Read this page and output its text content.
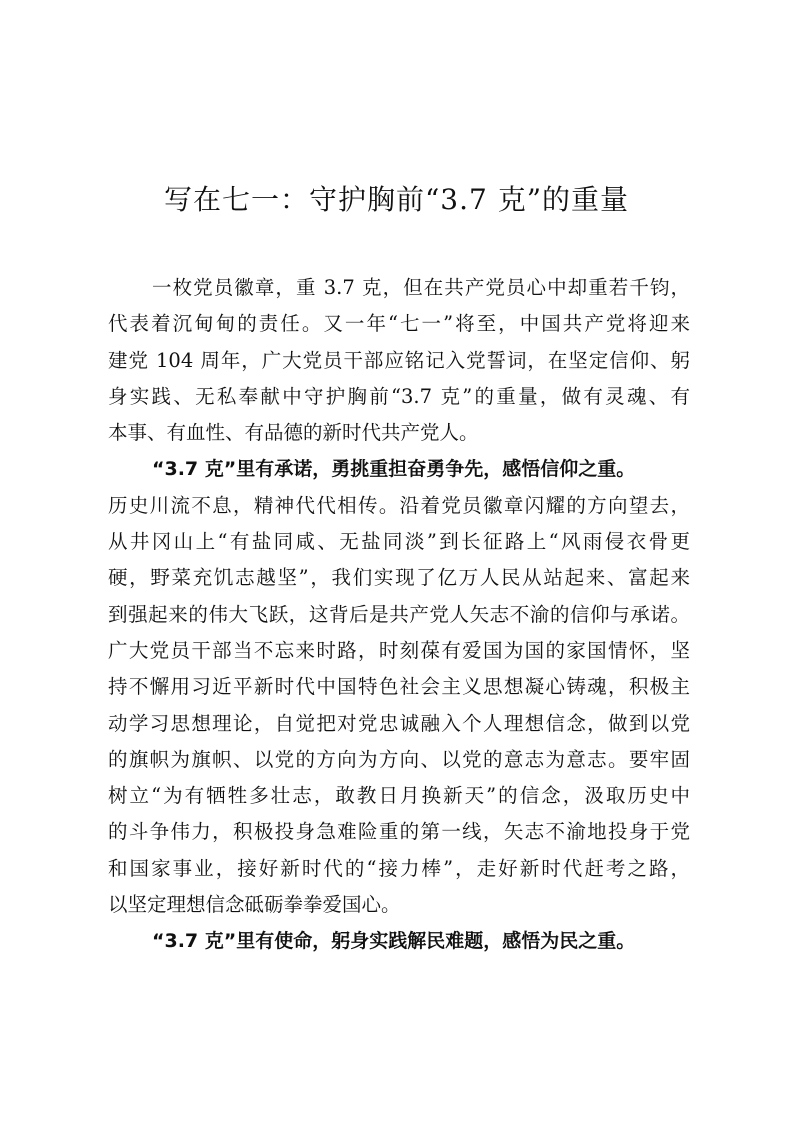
写在七一：守护胸前“3.7 克”的重量
一枚党员徽章，重 3.7 克，但在共产党员心中却重若千钧，
代表着沉甸甸的责任。又一年“七一”将至，中国共产党将迎来
建党 104 周年，广大党员干部应铭记入党誓词，在坚定信仰、躬
身实践、无私奉献中守护胸前“3.7 克”的重量，做有灵魂、有
本事、有血性、有品德的新时代共产党人。
“3.7 克”里有承诺，勇挑重担奋勇争先，感悟信仰之重。
历史川流不息，精神代代相传。沿着党员徽章闪耀的方向望去，
从井冈山上“有盐同咸、无盐同淡”到长征路上“风雨侵衣骨更
硬，野菜充饥志越坚”，我们实现了亿万人民从站起来、富起来
到强起来的伟大飞跃，这背后是共产党人矢志不渝的信仰与承诺。
广大党员干部当不忘来时路，时刻葆有爱国为国的家国情怀，坚
持不懈用习近平新时代中国特色社会主义思想凝心铸魂，积极主
动学习思想理论，自觉把对党忠诚融入个人理想信念，做到以党
的旗帜为旗帜、以党的方向为方向、以党的意志为意志。要牢固
树立“为有牺牲多壮志，敢教日月换新天”的信念，汲取历史中
的斗争伟力，积极投身急难险重的第一线，矢志不渝地投身于党
和国家事业，接好新时代的“接力棒”，走好新时代赶考之路，
以坚定理想信念砥砺拳拳爱国心。
“3.7 克”里有使命，躬身实践解民难题，感悟为民之重。
